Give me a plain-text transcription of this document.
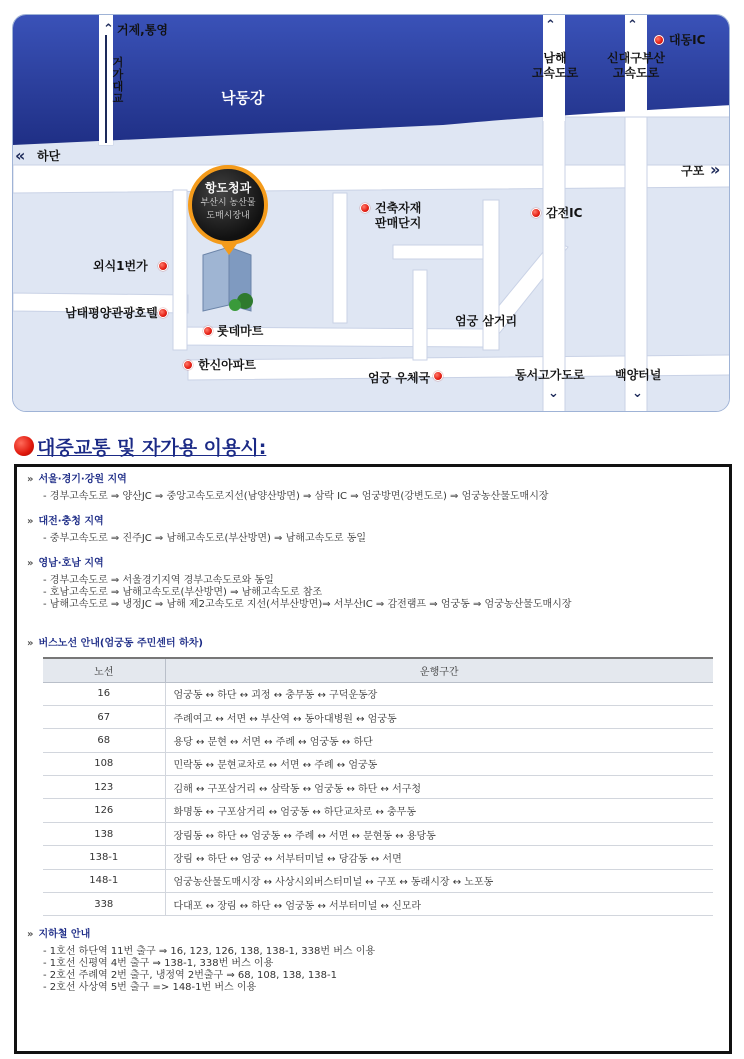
⌃ 거제,통영
거가대교	낙동강
« 하단
구포 »
⌃	⌃
남해
고속도로
신대구부산
고속도로
대동IC
항도청과
부산시 농산물
도매시장내
건축자재
판매단지
감전IC
외식1번가
남태평양관광호텔
롯데마트
한신아파트
엄궁 삼거리
엄궁 우체국	동서고가도로	백양터널
⌄	⌄
대중교통 및 자가용 이용시:
» 서울·경기·강원 지역
- 경부고속도로 ⇒ 양산JC ⇒ 중앙고속도로지선(남양산방면) ⇒ 삼락 IC ⇒ 엄궁방면(강변도로) ⇒ 엄궁농산물도매시장
» 대전·충청 지역
- 중부고속도로 ⇒ 진주JC ⇒ 남해고속도로(부산방면) ⇒ 남해고속도로 동일
» 영남·호남 지역
- 경부고속도로 ⇒ 서울경기지역 경부고속도로와 동일
- 호남고속도로 ⇒ 남해고속도로(부산방면) ⇒ 남해고속도로 참조
- 남해고속도로 ⇒ 냉정JC ⇒ 남해 제2고속도로 지선(서부산방면)⇒ 서부산IC ⇒ 감전램프 ⇒ 엄궁동 ⇒ 엄궁농산물도매시장
» 버스노선 안내(엄궁동 주민센터 하차)
노선	운행구간
16	엄궁동 ↔ 하단 ↔ 괴정 ↔ 충무동 ↔ 구덕운동장
67	주례여고 ↔ 서면 ↔ 부산역 ↔ 동아대병원 ↔ 엄궁동
68	용당 ↔ 문현 ↔ 서면 ↔ 주례 ↔ 엄궁동 ↔ 하단
108	민락동 ↔ 문현교차로 ↔ 서면 ↔ 주례 ↔ 엄궁동
123	김해 ↔ 구포삼거리 ↔ 삼락동 ↔ 엄궁동 ↔ 하단 ↔ 서구청
126	화명동 ↔ 구포삼거리 ↔ 엄궁동 ↔ 하단교차로 ↔ 충무동
138	장림동 ↔ 하단 ↔ 엄궁동 ↔ 주례 ↔ 서면 ↔ 문현동 ↔ 용당동
138-1	장림 ↔ 하단 ↔ 엄궁 ↔ 서부터미널 ↔ 당감동 ↔ 서면
148-1	엄궁농산물도매시장 ↔ 사상시외버스터미널 ↔ 구포 ↔ 동래시장 ↔ 노포동
338	다대포 ↔ 장림 ↔ 하단 ↔ 엄궁동 ↔ 서부터미널 ↔ 신모라
» 지하철 안내
- 1호선 하단역 11번 출구 ⇒ 16, 123, 126, 138, 138-1, 338번 버스 이용
- 1호선 신평역 4번 출구 ⇒ 138-1, 338번 버스 이용
- 2호선 주례역 2번 출구, 냉정역 2번출구 ⇒ 68, 108, 138, 138-1
- 2호선 사상역 5번 출구 => 148-1번 버스 이용
